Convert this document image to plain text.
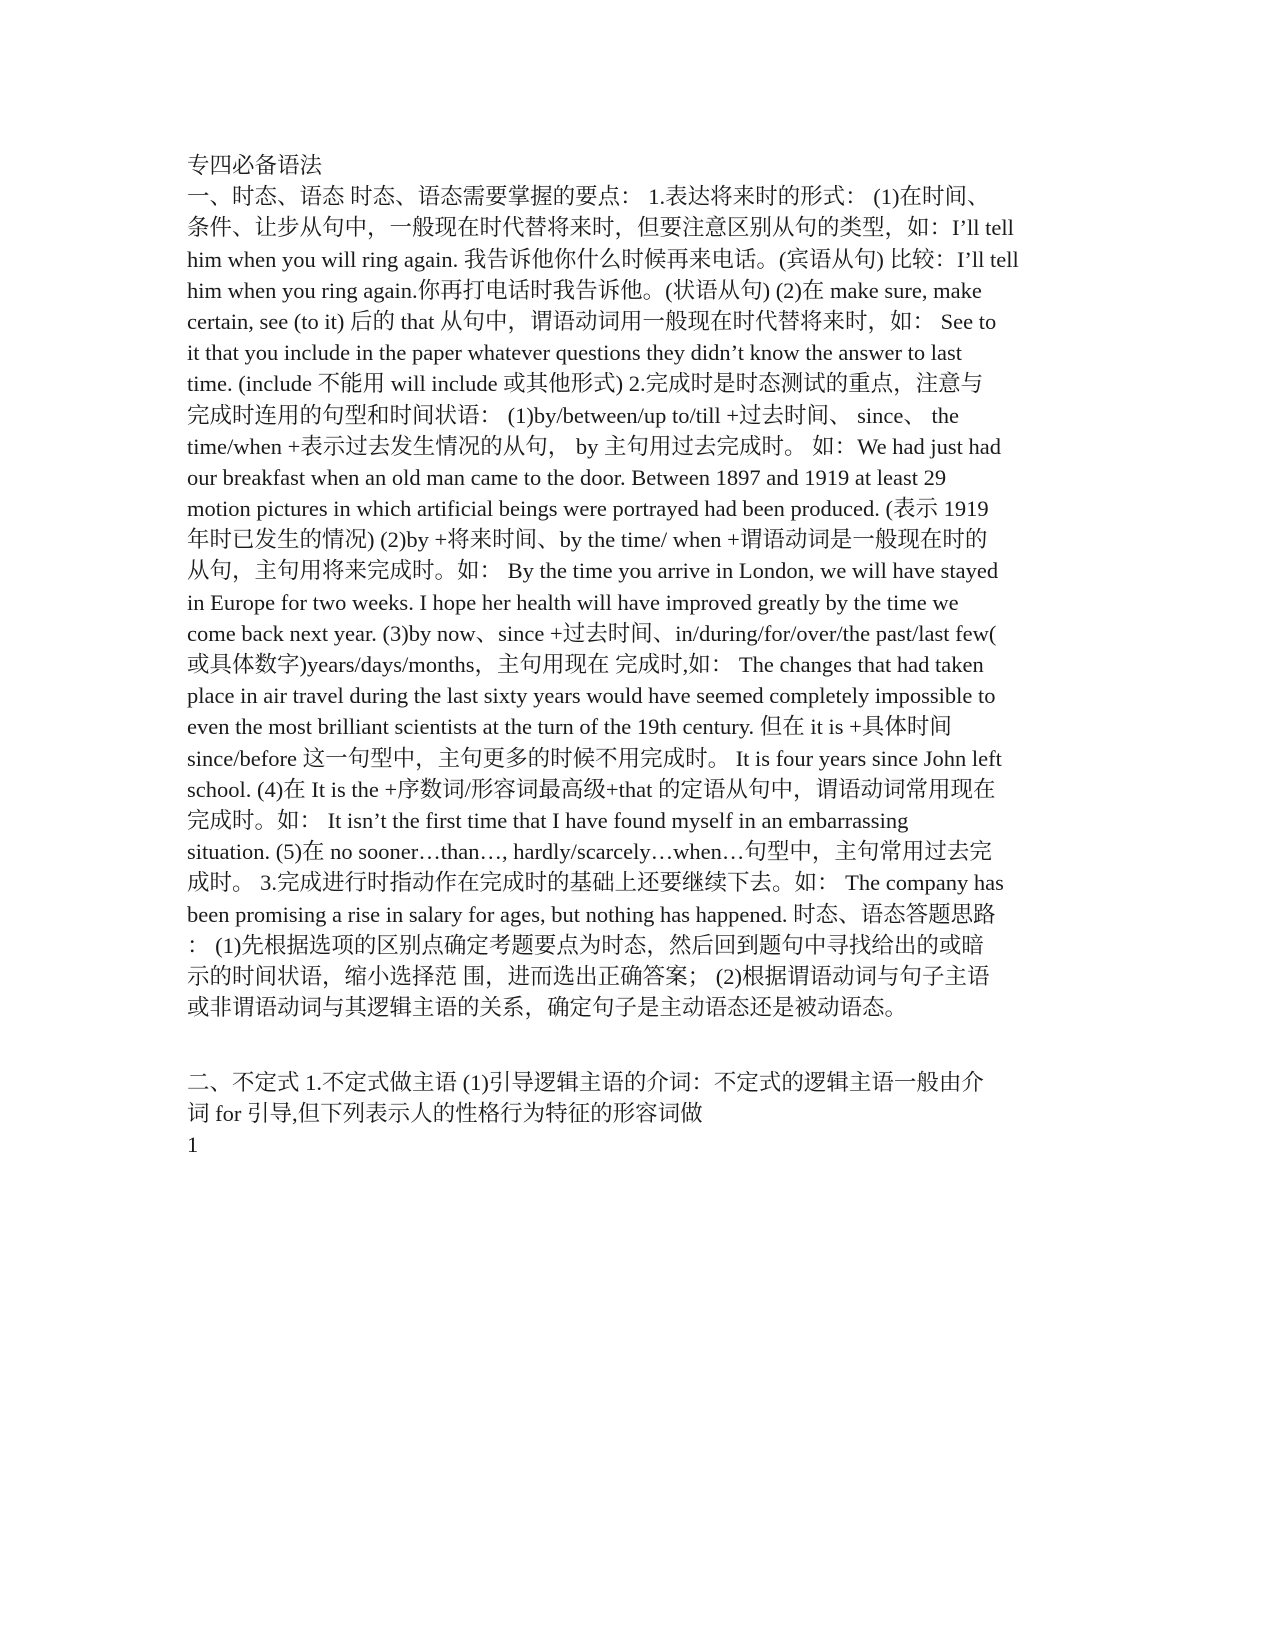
专四必备语法
一、时态、语态 时态、语态需要掌握的要点： 1.表达将来时的形式： (1)在时间、
条件、让步从句中，一般现在时代替将来时，但要注意区别从句的类型，如：I’ll tell
him when you will ring again. 我告诉他你什么时候再来电话。(宾语从句) 比较：I’ll tell
him when you ring again.你再打电话时我告诉他。(状语从句) (2)在 make sure, make
certain, see (to it) 后的 that 从句中，谓语动词用一般现在时代替将来时，如： See to
it that you include in the paper whatever questions they didn’t know the answer to last
time. (include 不能用 will include 或其他形式) 2.完成时是时态测试的重点，注意与
完成时连用的句型和时间状语： (1)by/between/up to/till +过去时间、 since、 the
time/when +表示过去发生情况的从句， by 主句用过去完成时。 如：We had just had
our breakfast when an old man came to the door. Between 1897 and 1919 at least 29
motion pictures in which artificial beings were portrayed had been produced. (表示 1919
年时已发生的情况) (2)by +将来时间、by the time/ when +谓语动词是一般现在时的
从句，主句用将来完成时。如： By the time you arrive in London, we will have stayed
in Europe for two weeks. I hope her health will have improved greatly by the time we
come back next year. (3)by now、since +过去时间、in/during/for/over/the past/last few(
或具体数字)years/days/months，主句用现在 完成时,如： The changes that had taken
place in air travel during the last sixty years would have seemed completely impossible to
even the most brilliant scientists at the turn of the 19th century. 但在 it is +具体时间
since/before 这一句型中，主句更多的时候不用完成时。 It is four years since John left
school. (4)在 It is the +序数词/形容词最高级+that 的定语从句中，谓语动词常用现在
完成时。如： It isn’t the first time that I have found myself in an embarrassing
situation. (5)在 no sooner…than…, hardly/scarcely…when…句型中，主句常用过去完
成时。 3.完成进行时指动作在完成时的基础上还要继续下去。如： The company has
been promising a rise in salary for ages, but nothing has happened. 时态、语态答题思路
： (1)先根据选项的区别点确定考题要点为时态，然后回到题句中寻找给出的或暗
示的时间状语，缩小选择范 围，进而选出正确答案； (2)根据谓语动词与句子主语
或非谓语动词与其逻辑主语的关系，确定句子是主动语态还是被动语态。
二、不定式 1.不定式做主语 (1)引导逻辑主语的介词：不定式的逻辑主语一般由介
词 for 引导,但下列表示人的性格行为特征的形容词做
1
